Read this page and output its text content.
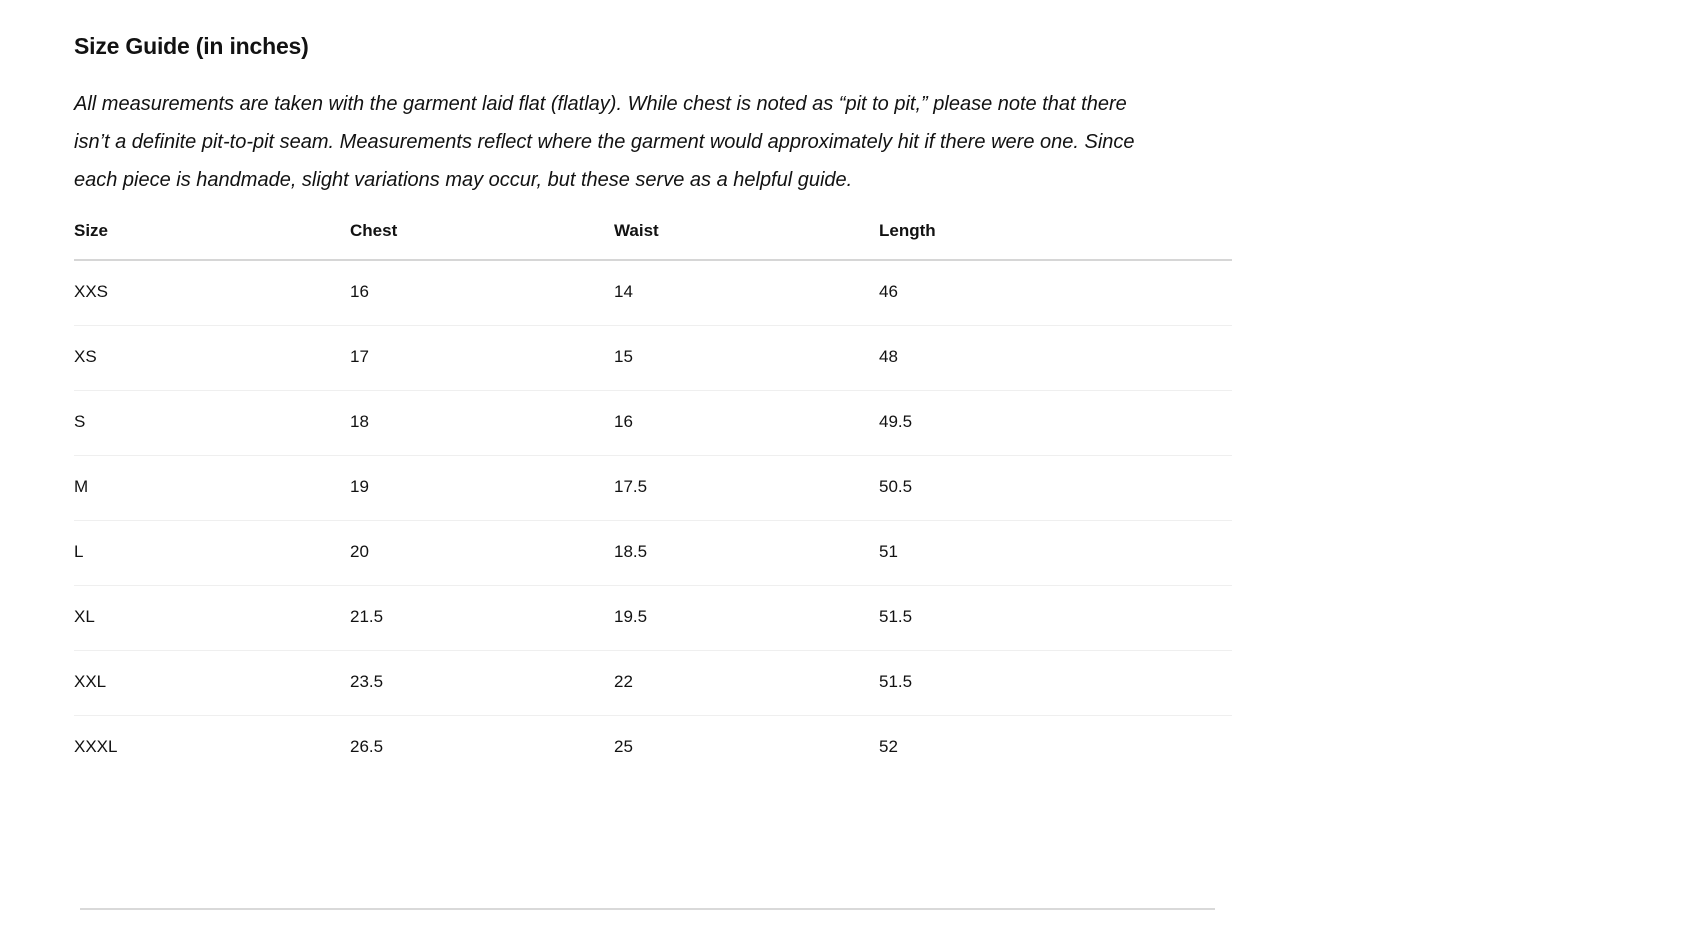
Size Guide (in inches)

All measurements are taken with the garment laid flat (flatlay). While chest is noted as “pit to pit,” please note that there isn’t a definite pit-to-pit seam. Measurements reflect where the garment would approximately hit if there were one. Since each piece is handmade, slight variations may occur, but these serve as a helpful guide.

Size	Chest	Waist	Length
XXS	16	14	46
XS	17	15	48
S	18	16	49.5
M	19	17.5	50.5
L	20	18.5	51
XL	21.5	19.5	51.5
XXL	23.5	22	51.5
XXXL	26.5	25	52
